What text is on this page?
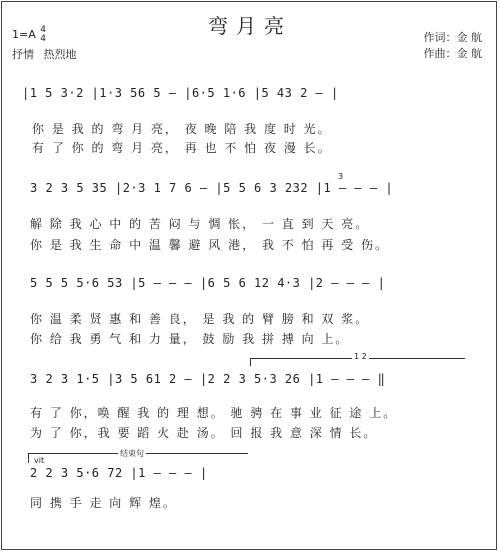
弯月亮
1=A 4
4
抒情 热烈地
作词：金 航
作曲：金 航
|1 5 3·2 |1·3 56 5 — |6·5 1·6 |5 43 2 — |
你 是 我 的 弯 月 亮， 夜 晚 陪 我 度 时 光。
有 了 你 的 弯 月 亮， 再 也 不 怕 夜 漫 长。
3
3 2 3 5 35 |2·3 1 7 6 — |5 5 6 3 232 |1 — — — |
解 除 我 心 中 的 苦 闷 与 惆 怅， 一 直 到 天 亮。
你 是 我 生 命 中 温 馨 避 风 港， 我 不 怕 再 受 伤。
5 5 5 5·6 53 |5 — — — |6 5 6 12 4·3 |2 — — — |
你 温 柔 贤 惠 和 善 良， 是 我 的 臂 膀 和 双 浆。
你 给 我 勇 气 和 力 量， 鼓 励 我 拼 搏 向 上。
1 2
3 2 3 1·5 |3 5 61 2 — |2 2 3 5·3 26 |1 — — — ‖
有 了 你，唤 醒 我 的 理 想。 驰 骋 在 事 业 征 途 上。
为 了 你，我 要 蹈 火 赴 汤。 回 报 我 意 深 情 长。
vit
结束句
2 2 3 5·6 72 |1 — — — |
同 携 手 走 向 辉 煌。
